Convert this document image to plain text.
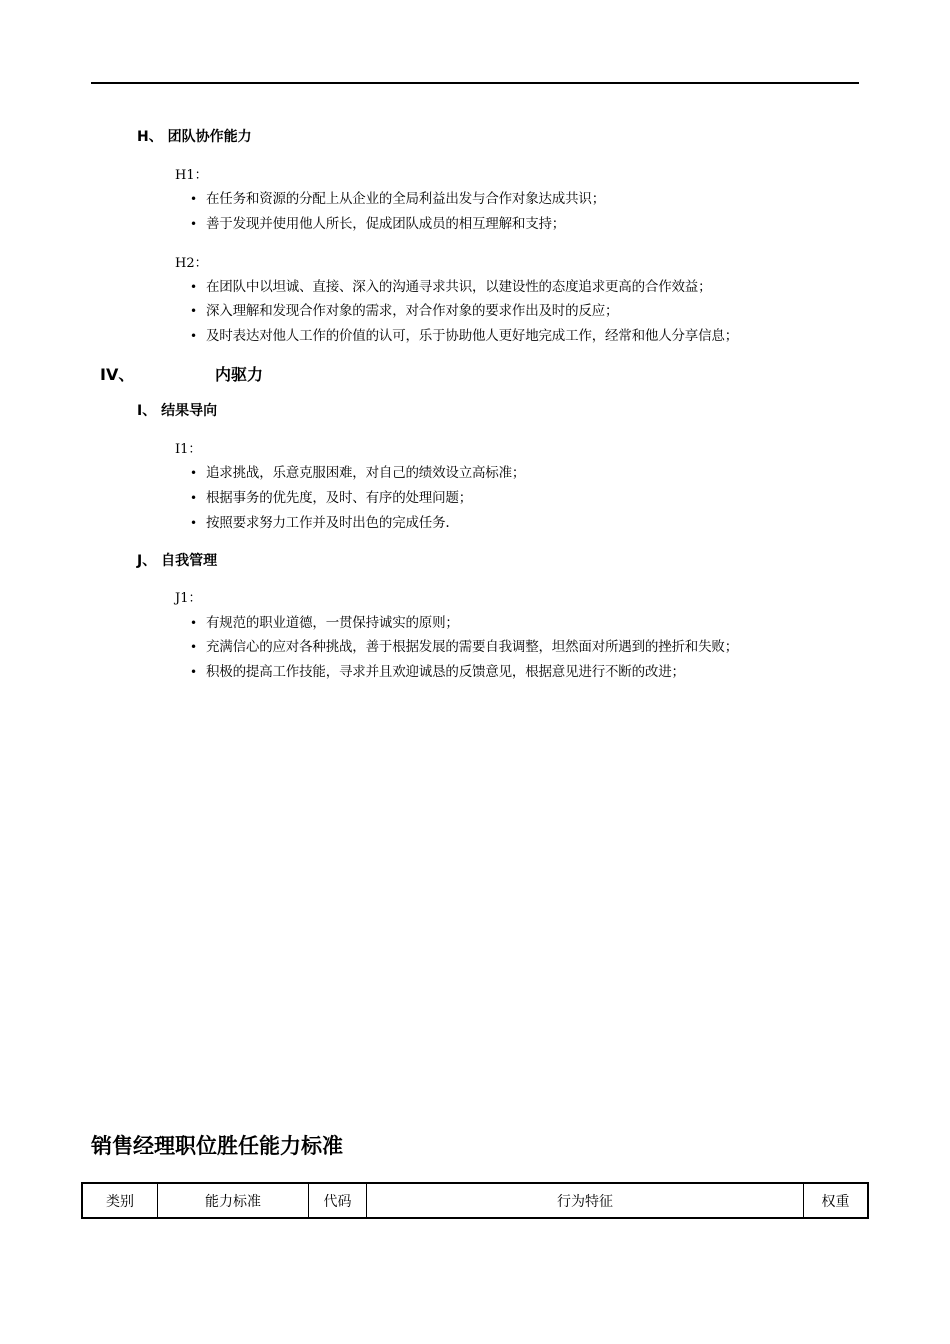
H、 团队协作能力
H1：
• 在任务和资源的分配上从企业的全局利益出发与合作对象达成共识；
• 善于发现并使用他人所长，促成团队成员的相互理解和支持；
H2：
• 在团队中以坦诚、直接、深入的沟通寻求共识，以建设性的态度追求更高的合作效益；
• 深入理解和发现合作对象的需求，对合作对象的要求作出及时的反应；
• 及时表达对他人工作的价值的认可，乐于协助他人更好地完成工作，经常和他人分享信息；
IV、	内驱力
I、 结果导向
I1：
• 追求挑战，乐意克服困难，对自己的绩效设立高标准；
• 根据事务的优先度，及时、有序的处理问题；
• 按照要求努力工作并及时出色的完成任务.
J、 自我管理
J1：
• 有规范的职业道德，一贯保持诚实的原则；
• 充满信心的应对各种挑战，善于根据发展的需要自我调整，坦然面对所遇到的挫折和失败；
• 积极的提高工作技能，寻求并且欢迎诚恳的反馈意见，根据意见进行不断的改进；
销售经理职位胜任能力标准
类别	能力标准	代码	行为特征	权重
